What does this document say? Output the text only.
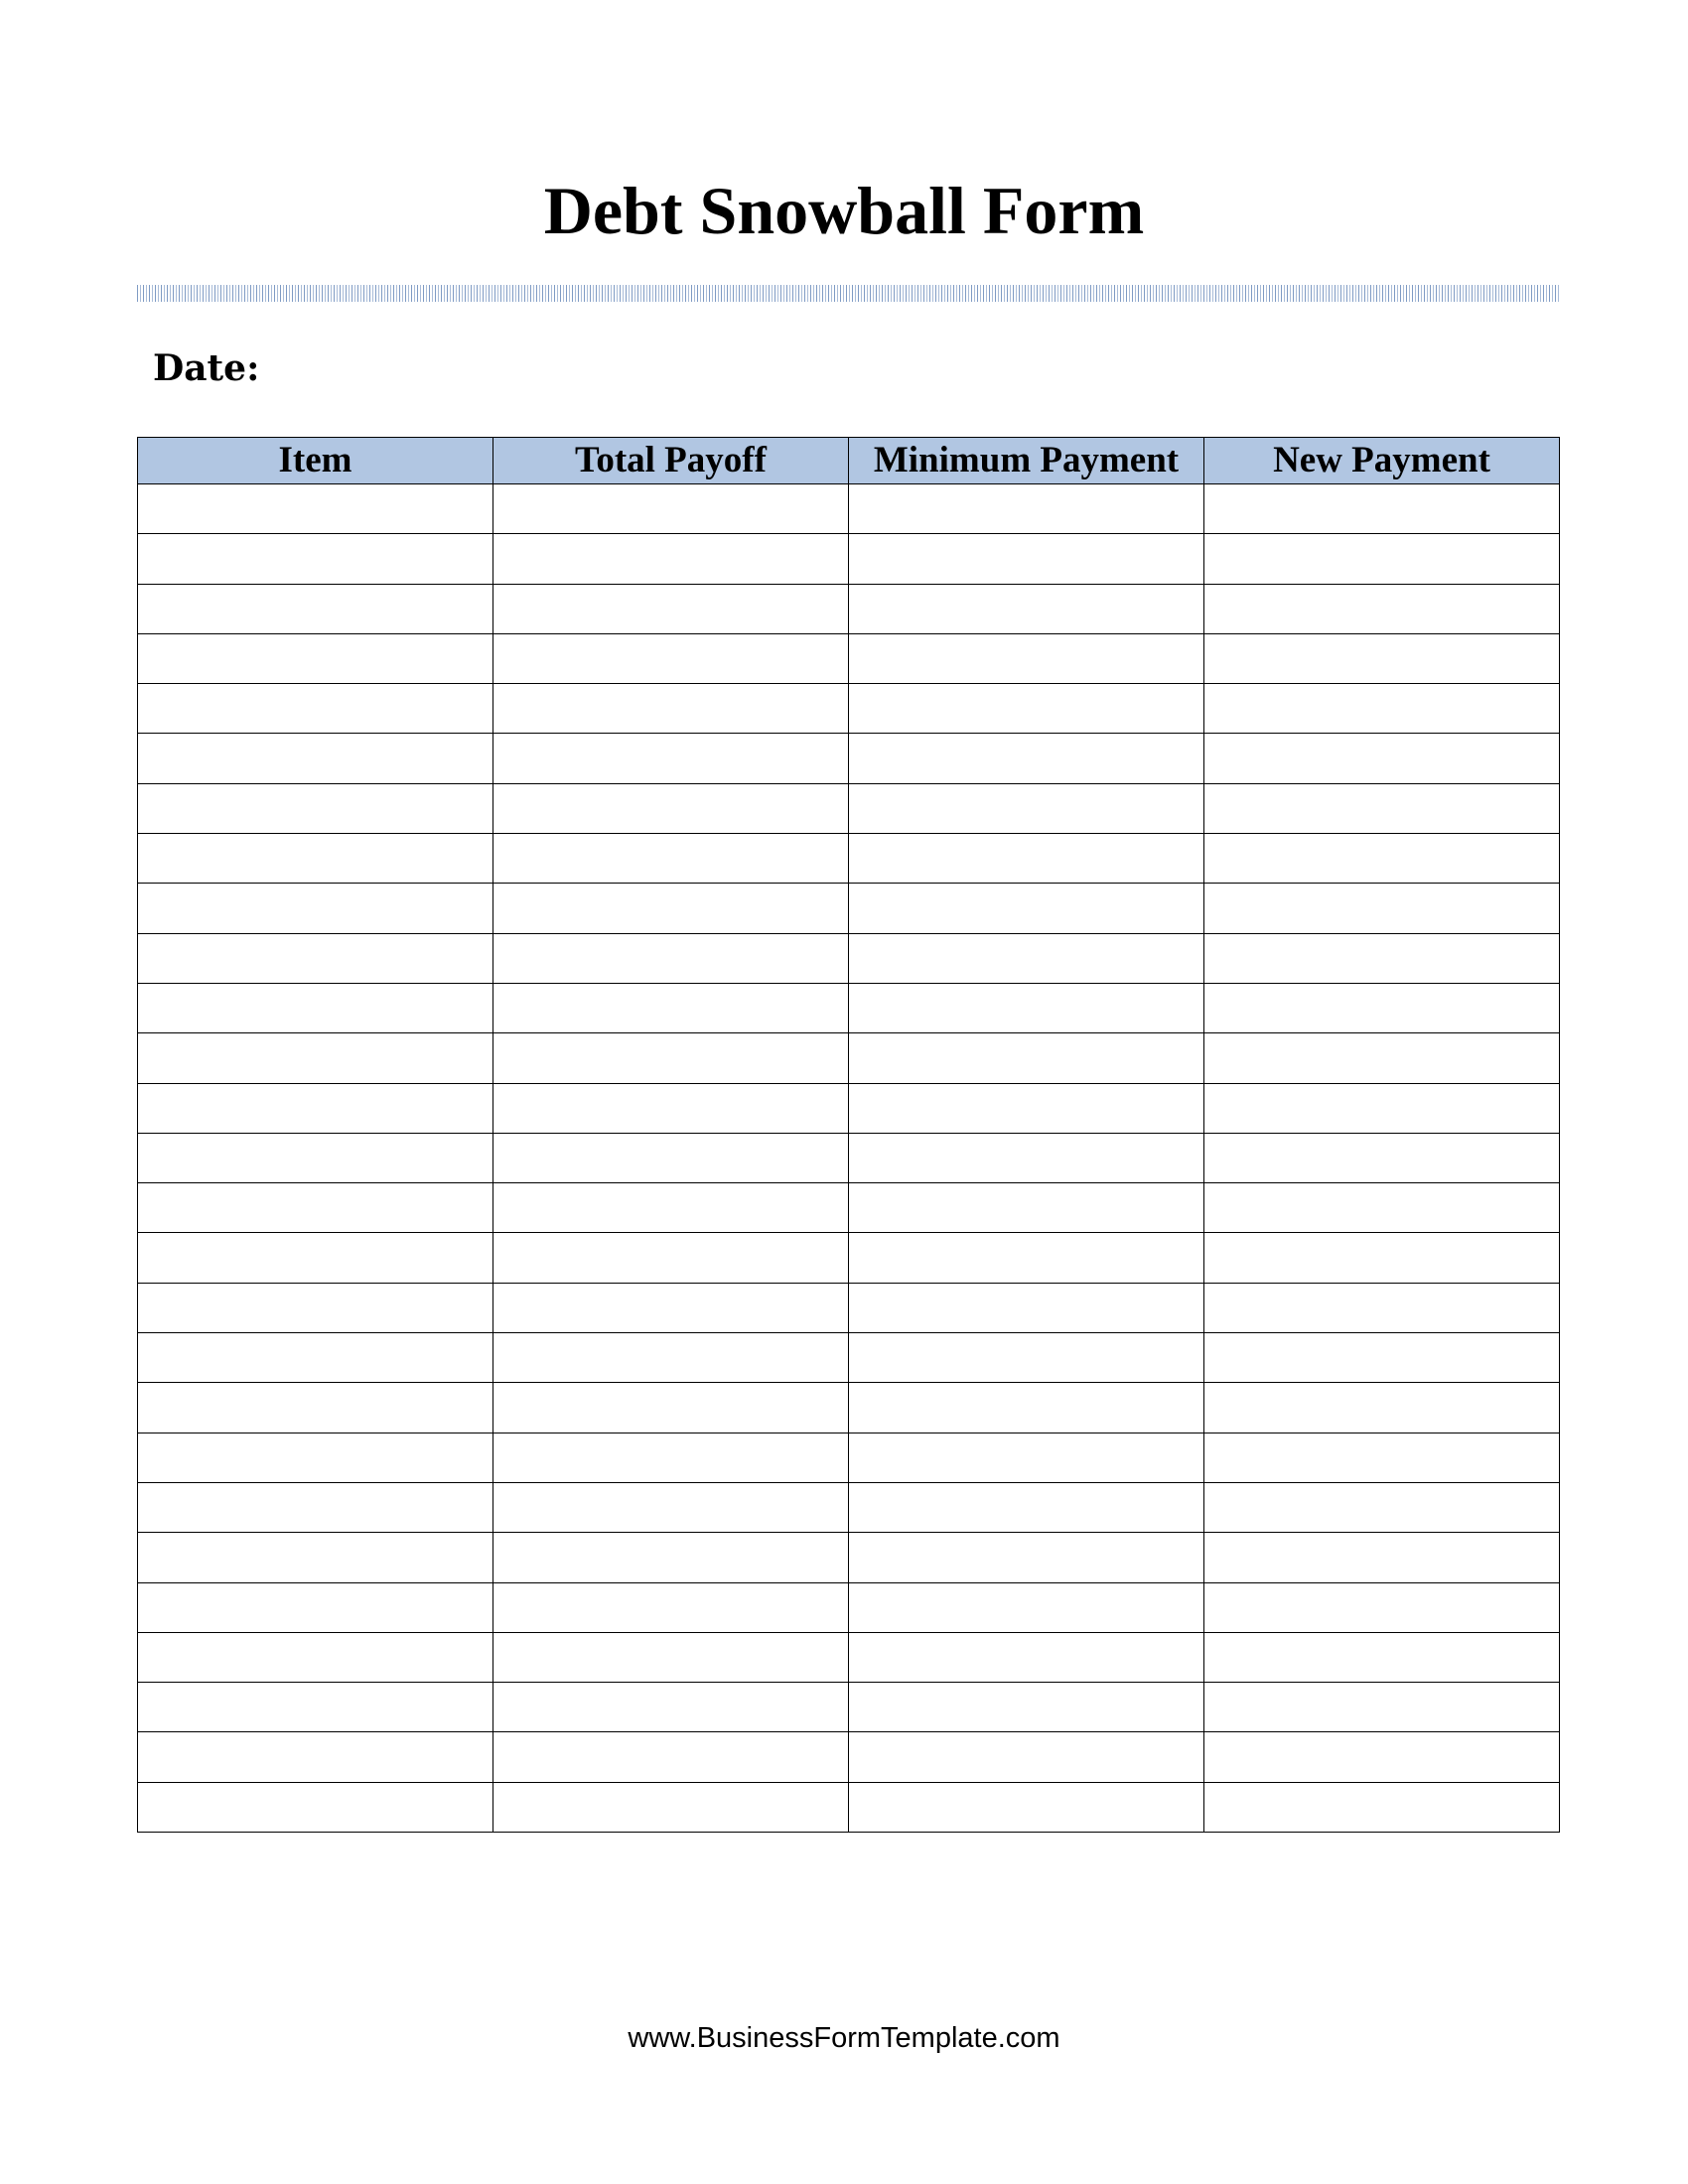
Debt Snowball Form
Date:
Item	Total Payoff	Minimum Payment	New Payment

www.BusinessFormTemplate.com
